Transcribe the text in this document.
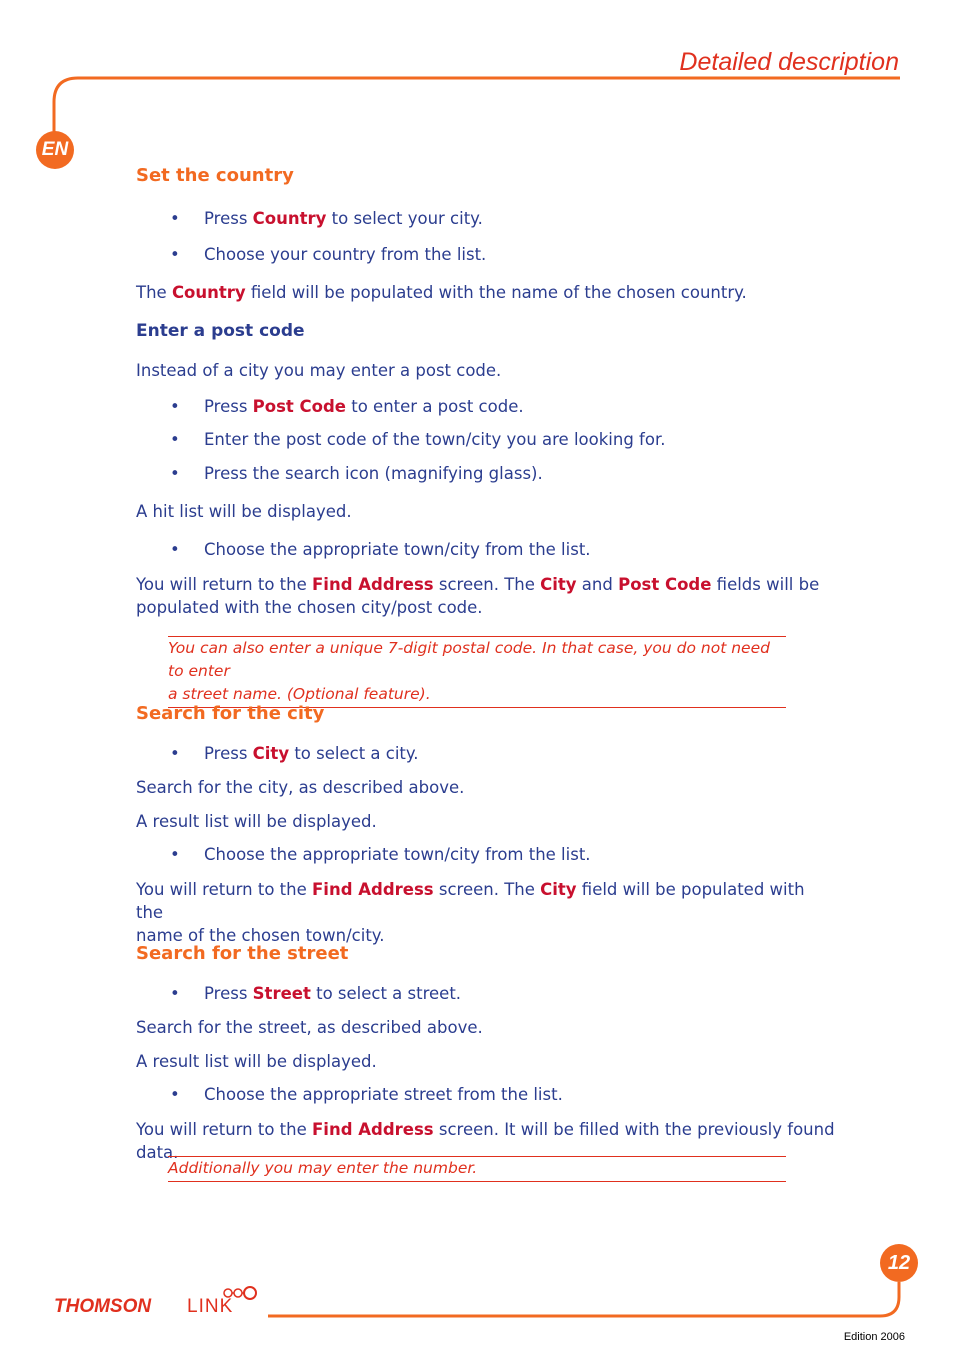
Detailed description
EN
12
Set the country
• Press Country to select your city.
• Choose your country from the list.
The Country field will be populated with the name of the chosen country.
Enter a post code
Instead of a city you may enter a post code.
• Press Post Code to enter a post code.
• Enter the post code of the town/city you are looking for.
• Press the search icon (magnifying glass).
A hit list will be displayed.
• Choose the appropriate town/city from the list.
You will return to the Find Address screen. The City and Post Code fields will be
populated with the chosen city/post code.
You can also enter a unique 7-digit postal code. In that case, you do not need to enter
a street name. (Optional feature).
Search for the city
• Press City to select a city.
Search for the city, as described above.
A result list will be displayed.
• Choose the appropriate town/city from the list.
You will return to the Find Address screen. The City field will be populated with the
name of the chosen town/city.
Search for the street
• Press Street to select a street.
Search for the street, as described above.
A result list will be displayed.
• Choose the appropriate street from the list.
You will return to the Find Address screen. It will be filled with the previously found data.
Additionally you may enter the number.
THOMSON LINK
Edition 2006
